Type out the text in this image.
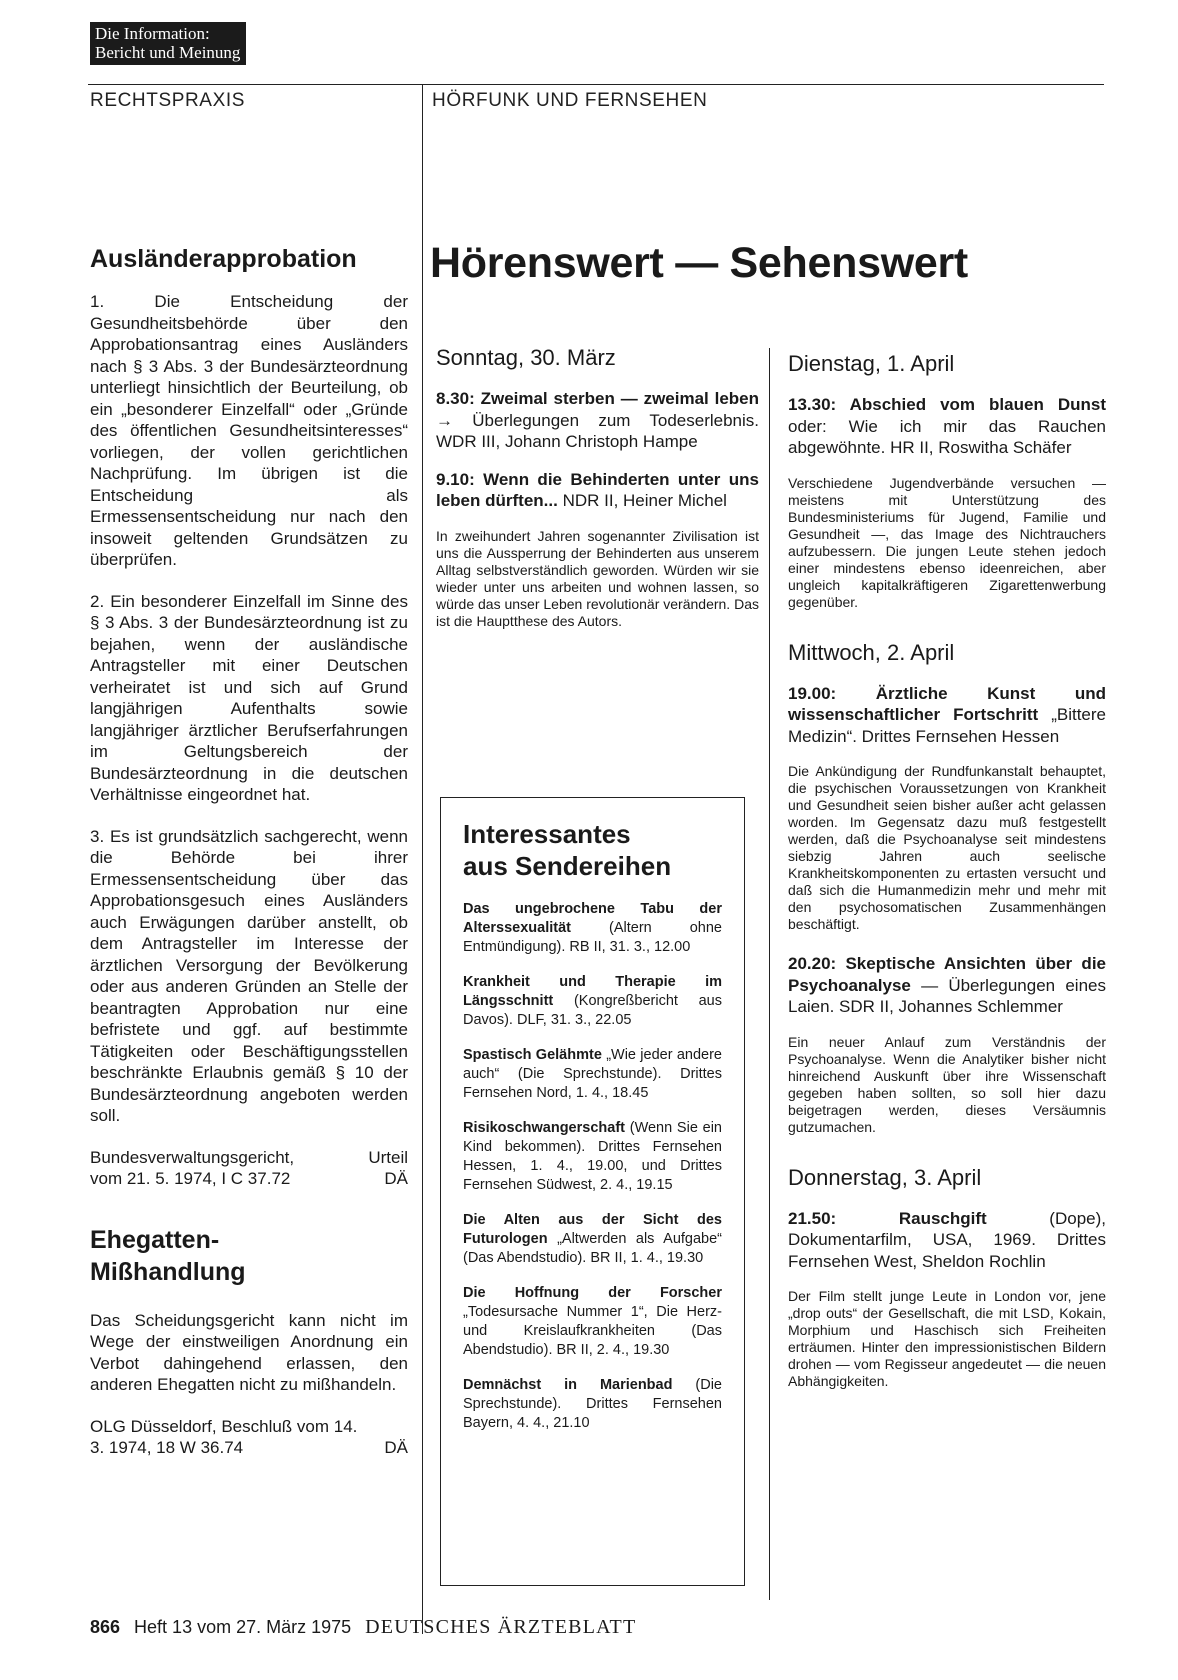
Die Information:
Bericht und Meinung
RECHTSPRAXIS	HÖRFUNK UND FERNSEHEN
Ausländerapprobation

1. Die Entscheidung der Gesundheitsbehörde über den Approbationsantrag eines Ausländers nach § 3 Abs. 3 der Bundesärzteordnung unterliegt hinsichtlich der Beurteilung, ob ein „besonderer Einzelfall“ oder „Gründe des öffentlichen Gesundheitsinteresses“ vorliegen, der vollen gerichtlichen Nachprüfung. Im übrigen ist die Entscheidung als Ermessensentscheidung nur nach den insoweit geltenden Grundsätzen zu überprüfen.

2. Ein besonderer Einzelfall im Sinne des § 3 Abs. 3 der Bundesärzteordnung ist zu bejahen, wenn der ausländische Antragsteller mit einer Deutschen verheiratet ist und sich auf Grund langjährigen Aufenthalts sowie langjähriger ärztlicher Berufserfahrungen im Geltungsbereich der Bundesärzteordnung in die deutschen Verhältnisse eingeordnet hat.

3. Es ist grundsätzlich sachgerecht, wenn die Behörde bei ihrer Ermessensentscheidung über das Approbationsgesuch eines Ausländers auch Erwägungen darüber anstellt, ob dem Antragsteller im Interesse der ärztlichen Versorgung der Bevölkerung oder aus anderen Gründen an Stelle der beantragten Approbation nur eine befristete und ggf. auf bestimmte Tätigkeiten oder Beschäftigungsstellen beschränkte Erlaubnis gemäß § 10 der Bundesärzteordnung angeboten werden soll.

Bundesverwaltungsgericht,	Urteil
vom 21. 5. 1974, I C 37.72	DÄ
Ehegatten-
Mißhandlung

Das Scheidungsgericht kann nicht im Wege der einstweiligen Anordnung ein Verbot dahingehend erlassen, den anderen Ehegatten nicht zu mißhandeln.

OLG Düsseldorf, Beschluß vom 14.
3. 1974, 18 W 36.74	DÄ
Hörenswert — Sehenswert
Sonntag, 30. März
8.30: Zweimal sterben — zweimal leben → Überlegungen zum Todeserlebnis. WDR III, Johann Christoph Hampe
9.10: Wenn die Behinderten unter uns leben dürften... NDR II, Heiner Michel
In zweihundert Jahren sogenannter Zivilisation ist uns die Aussperrung der Behinderten aus unserem Alltag selbstverständlich geworden. Würden wir sie wieder unter uns arbeiten und wohnen lassen, so würde das unser Leben revolutionär verändern. Das ist die Hauptthese des Autors.
Interessantes
aus Sendereihen
Das ungebrochene Tabu der Alterssexualität (Altern ohne Entmündigung). RB II, 31. 3., 12.00
Krankheit und Therapie im Längsschnitt (Kongreßbericht aus Davos). DLF, 31. 3., 22.05
Spastisch Gelähmte „Wie jeder andere auch“ (Die Sprechstunde). Drittes Fernsehen Nord, 1. 4., 18.45
Risikoschwangerschaft (Wenn Sie ein Kind bekommen). Drittes Fernsehen Hessen, 1. 4., 19.00, und Drittes Fernsehen Südwest, 2. 4., 19.15
Die Alten aus der Sicht des Futurologen „Altwerden als Aufgabe“ (Das Abendstudio). BR II, 1. 4., 19.30
Die Hoffnung der Forscher „Todesursache Nummer 1“, Die Herz- und Kreislaufkrankheiten (Das Abendstudio). BR II, 2. 4., 19.30
Demnächst in Marienbad (Die Sprechstunde). Drittes Fernsehen Bayern, 4. 4., 21.10
Dienstag, 1. April
13.30: Abschied vom blauen Dunst oder: Wie ich mir das Rauchen abgewöhnte. HR II, Roswitha Schäfer
Verschiedene Jugendverbände versuchen — meistens mit Unterstützung des Bundesministeriums für Jugend, Familie und Gesundheit —, das Image des Nichtrauchers aufzubessern. Die jungen Leute stehen jedoch einer mindestens ebenso ideenreichen, aber ungleich kapitalkräftigeren Zigarettenwerbung gegenüber.
Mittwoch, 2. April
19.00: Ärztliche Kunst und wissenschaftlicher Fortschritt „Bittere Medizin“. Drittes Fernsehen Hessen
Die Ankündigung der Rundfunkanstalt behauptet, die psychischen Voraussetzungen von Krankheit und Gesundheit seien bisher außer acht gelassen worden. Im Gegensatz dazu muß festgestellt werden, daß die Psychoanalyse seit mindestens siebzig Jahren auch seelische Krankheitskomponenten zu ertasten versucht und daß sich die Humanmedizin mehr und mehr mit den psychosomatischen Zusammenhängen beschäftigt.
20.20: Skeptische Ansichten über die Psychoanalyse — Überlegungen eines Laien. SDR II, Johannes Schlemmer
Ein neuer Anlauf zum Verständnis der Psychoanalyse. Wenn die Analytiker bisher nicht hinreichend Auskunft über ihre Wissenschaft gegeben haben sollten, so soll hier dazu beigetragen werden, dieses Versäumnis gutzumachen.
Donnerstag, 3. April
21.50: Rauschgift (Dope), Dokumentarfilm, USA, 1969. Drittes Fernsehen West, Sheldon Rochlin
Der Film stellt junge Leute in London vor, jene „drop outs“ der Gesellschaft, die mit LSD, Kokain, Morphium und Haschisch sich Freiheiten erträumen. Hinter den impressionistischen Bildern drohen — vom Regisseur angedeutet — die neuen Abhängigkeiten.
866 Heft 13 vom 27. März 1975 DEUTSCHES ÄRZTEBLATT
